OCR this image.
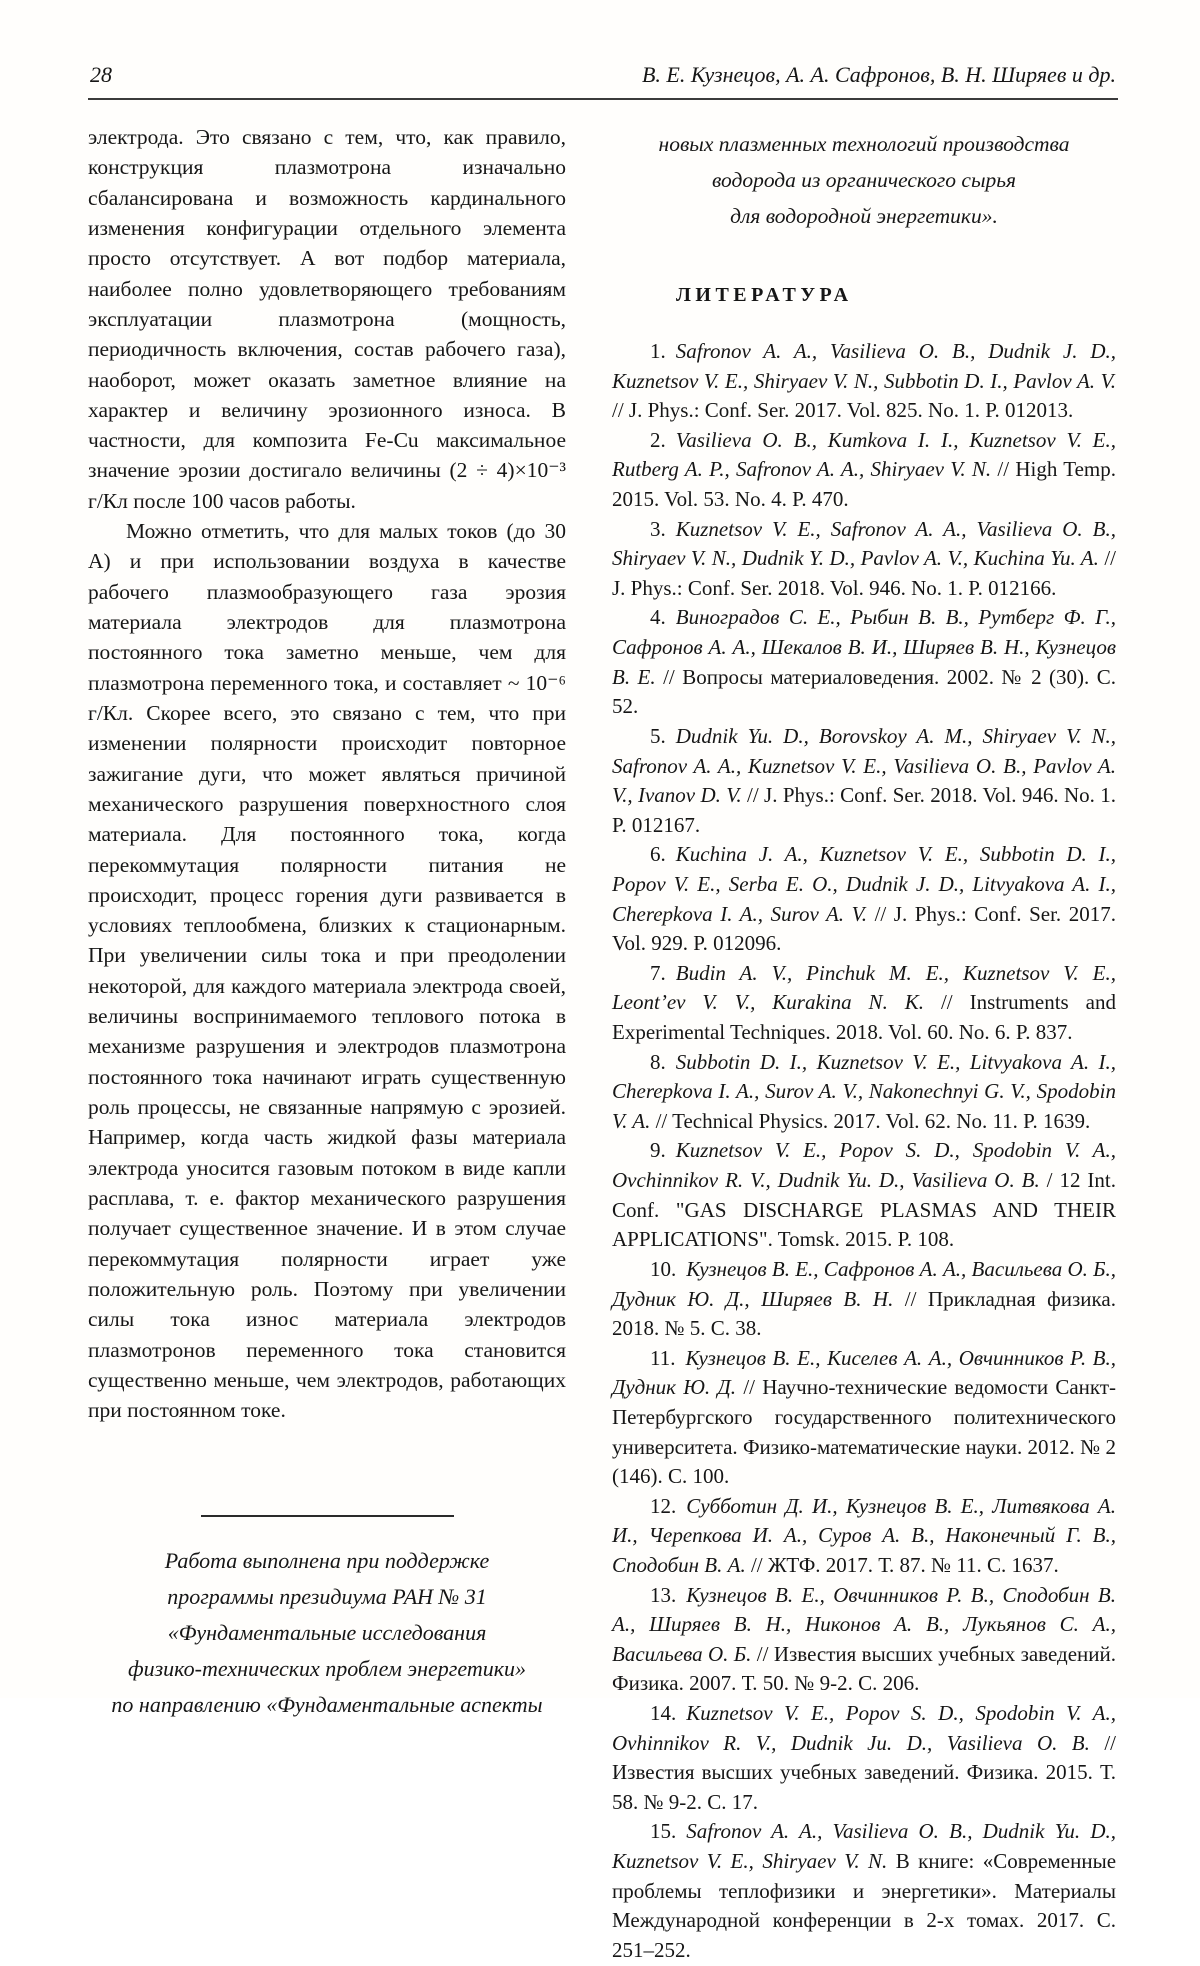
28	В. Е. Кузнецов, А. А. Сафронов, В. Н. Ширяев и др.

электрода. Это связано с тем, что, как правило, конструкция плазмотрона изначально сбалансирована и возможность кардинального изменения конфигурации отдельного элемента просто отсутствует. А вот подбор материала, наиболее полно удовлетворяющего требованиям эксплуатации плазмотрона (мощность, периодичность включения, состав рабочего газа), наоборот, может оказать заметное влияние на характер и величину эрозионного износа. В частности, для композита Fe-Cu максимальное значение эрозии достигало величины (2 ÷ 4)×10⁻³ г/Кл после 100 часов работы.

Можно отметить, что для малых токов (до 30 А) и при использовании воздуха в качестве рабочего плазмообразующего газа эрозия материала электродов для плазмотрона постоянного тока заметно меньше, чем для плазмотрона переменного тока, и составляет ~ 10⁻⁶ г/Кл. Скорее всего, это связано с тем, что при изменении полярности происходит повторное зажигание дуги, что может являться причиной механического разрушения поверхностного слоя материала. Для постоянного тока, когда перекоммутация полярности питания не происходит, процесс горения дуги развивается в условиях теплообмена, близких к стационарным. При увеличении силы тока и при преодолении некоторой, для каждого материала электрода своей, величины воспринимаемого теплового потока в механизме разрушения и электродов плазмотрона постоянного тока начинают играть существенную роль процессы, не связанные напрямую с эрозией. Например, когда часть жидкой фазы материала электрода уносится газовым потоком в виде капли расплава, т. е. фактор механического разрушения получает существенное значение. И в этом случае перекоммутация полярности играет уже положительную роль. Поэтому при увеличении силы тока износ материала электродов плазмотронов переменного тока становится существенно меньше, чем электродов, работающих при постоянном токе.

Работа выполнена при поддержке

программы президиума РАН № 31

«Фундаментальные исследования

физико-технических проблем энергетики»

по направлению «Фундаментальные аспекты

новых плазменных технологий производства

водорода из органического сырья

для водородной энергетики».

ЛИТЕРАТУРА
1. Safronov A. A., Vasilieva O. B., Dudnik J. D., Kuznetsov V. E., Shiryaev V. N., Subbotin D. I., Pavlov A. V. // J. Phys.: Conf. Ser. 2017. Vol. 825. No. 1. P. 012013.
2. Vasilieva O. B., Kumkova I. I., Kuznetsov V. E., Rutberg A. P., Safronov A. A., Shiryaev V. N. // High Temp. 2015. Vol. 53. No. 4. P. 470.
3. Kuznetsov V. E., Safronov A. A., Vasilieva O. B., Shiryaev V. N., Dudnik Y. D., Pavlov A. V., Kuchina Yu. A. // J. Phys.: Conf. Ser. 2018. Vol. 946. No. 1. P. 012166.
4. Виноградов С. Е., Рыбин В. В., Рутберг Ф. Г., Сафронов А. А., Шекалов В. И., Ширяев В. Н., Кузнецов В. Е. // Вопросы материаловедения. 2002. № 2 (30). С. 52.
5. Dudnik Yu. D., Borovskoy A. M., Shiryaev V. N., Safronov A. A., Kuznetsov V. E., Vasilieva O. B., Pavlov A. V., Ivanov D. V. // J. Phys.: Conf. Ser. 2018. Vol. 946. No. 1. P. 012167.
6. Kuchina J. A., Kuznetsov V. E., Subbotin D. I., Popov V. E., Serba E. O., Dudnik J. D., Litvyakova A. I., Cherepkova I. A., Surov A. V. // J. Phys.: Conf. Ser. 2017. Vol. 929. P. 012096.
7. Budin A. V., Pinchuk M. E., Kuznetsov V. E., Leont’ev V. V., Kurakina N. K. // Instruments and Experimental Techniques. 2018. Vol. 60. No. 6. P. 837.
8. Subbotin D. I., Kuznetsov V. E., Litvyakova A. I., Cherepkova I. A., Surov A. V., Nakonechnyi G. V., Spodobin V. A. // Technical Physics. 2017. Vol. 62. No. 11. P. 1639.
9. Kuznetsov V. E., Popov S. D., Spodobin V. A., Ovchinnikov R. V., Dudnik Yu. D., Vasilieva O. B. / 12 Int. Conf. "GAS DISCHARGE PLASMAS AND THEIR APPLICATIONS". Tomsk. 2015. P. 108.
10. Кузнецов В. Е., Сафронов А. А., Васильева О. Б., Дудник Ю. Д., Ширяев В. Н. // Прикладная физика. 2018. № 5. С. 38.
11. Кузнецов В. Е., Киселев А. А., Овчинников Р. В., Дудник Ю. Д. // Научно-технические ведомости Санкт-Петербургского государственного политехнического университета. Физико-математические науки. 2012. № 2 (146). С. 100.
12. Субботин Д. И., Кузнецов В. Е., Литвякова А. И., Черепкова И. А., Суров А. В., Наконечный Г. В., Сподобин В. А. // ЖТФ. 2017. Т. 87. № 11. С. 1637.
13. Кузнецов В. Е., Овчинников Р. В., Сподобин В. А., Ширяев В. Н., Никонов А. В., Лукьянов С. А., Васильева О. Б. // Известия высших учебных заведений. Физика. 2007. Т. 50. № 9-2. С. 206.
14. Kuznetsov V. E., Popov S. D., Spodobin V. A., Ovhinnikov R. V., Dudnik Ju. D., Vasilieva O. B. // Известия высших учебных заведений. Физика. 2015. Т. 58. № 9-2. С. 17.
15. Safronov A. A., Vasilieva O. B., Dudnik Yu. D., Kuznetsov V. E., Shiryaev V. N. В книге: «Современные проблемы теплофизики и энергетики». Материалы Международной конференции в 2-х томах. 2017. С. 251–252.
